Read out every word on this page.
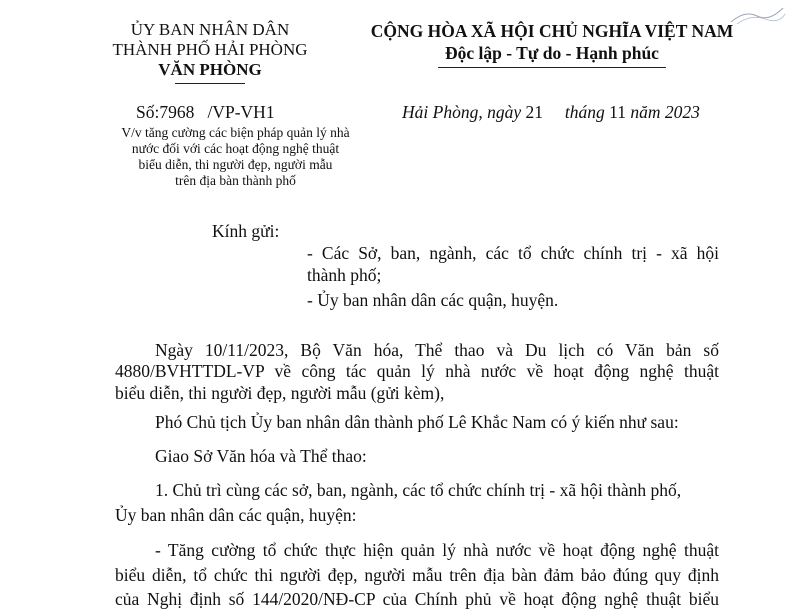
ỦY BAN NHÂN DÂN
THÀNH PHỐ HẢI PHÒNG
VĂN PHÒNG
CỘNG HÒA XÃ HỘI CHỦ NGHĨA VIỆT NAM
Độc lập - Tự do - Hạnh phúc
Số:7968 /VP-VH1
V/v tăng cường các biện pháp quản lý nhà
nước đối với các hoạt động nghệ thuật
biểu diễn, thi người đẹp, người mẫu
trên địa bàn thành phố
Hải Phòng, ngày 21 tháng 11 năm 2023
Kính gửi:
- Các Sở, ban, ngành, các tổ chức chính trị - xã hội
thành phố;
- Ủy ban nhân dân các quận, huyện.
Ngày 10/11/2023, Bộ Văn hóa, Thể thao và Du lịch có Văn bản số
4880/BVHTTDL-VP về công tác quản lý nhà nước về hoạt động nghệ thuật
biểu diễn, thi người đẹp, người mẫu (gửi kèm),
Phó Chủ tịch Ủy ban nhân dân thành phố Lê Khắc Nam có ý kiến như sau:
Giao Sở Văn hóa và Thể thao:
1. Chủ trì cùng các sở, ban, ngành, các tổ chức chính trị - xã hội thành phố,
Ủy ban nhân dân các quận, huyện:
- Tăng cường tổ chức thực hiện quản lý nhà nước về hoạt động nghệ thuật
biểu diễn, tổ chức thi người đẹp, người mẫu trên địa bàn đảm bảo đúng quy định
của Nghị định số 144/2020/NĐ-CP của Chính phủ về hoạt động nghệ thuật biểu
